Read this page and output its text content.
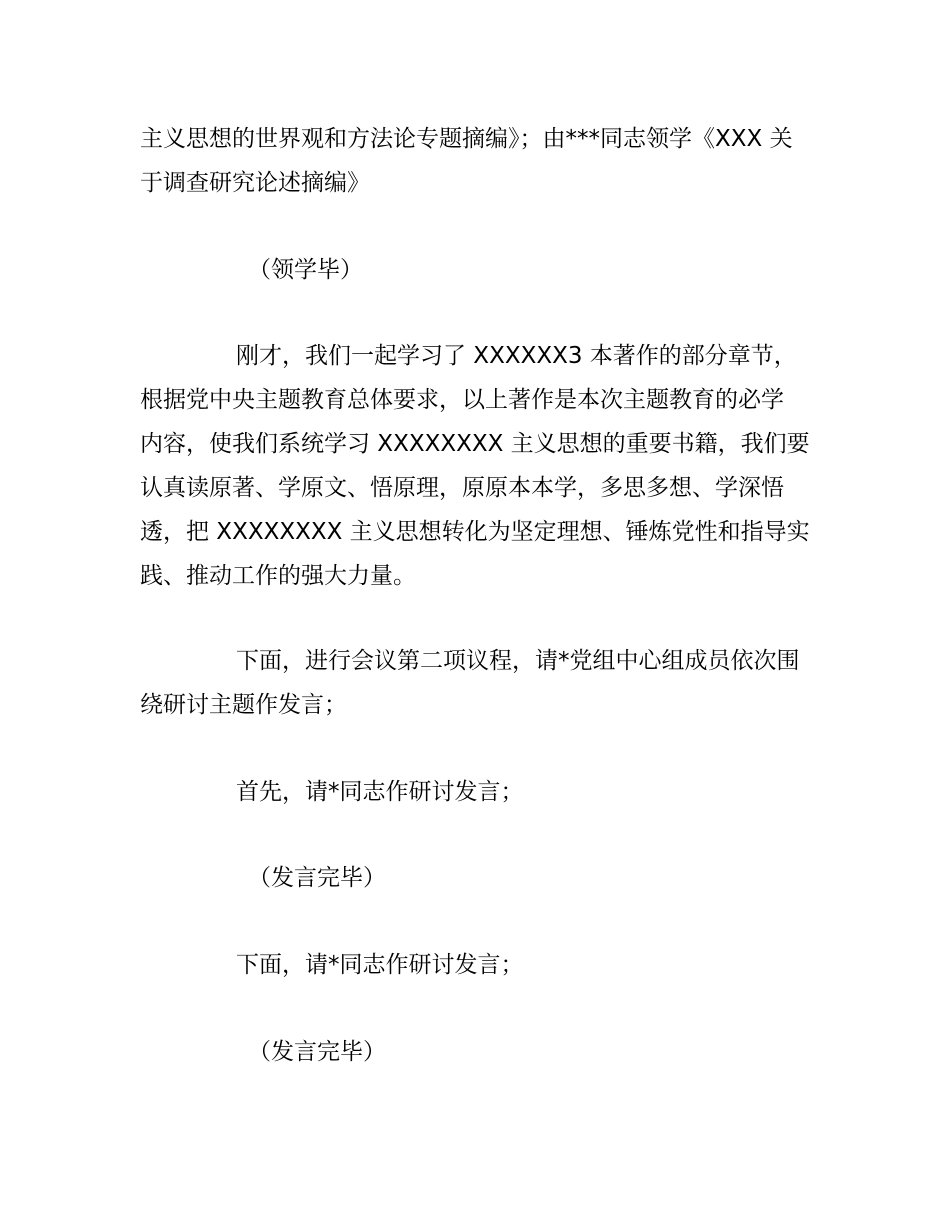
主义思想的世界观和方法论专题摘编》；由***同志领学《XXX 关
于调查研究论述摘编》
（领学毕）
刚才，我们一起学习了 XXXXXX3 本著作的部分章节，
根据党中央主题教育总体要求，以上著作是本次主题教育的必学
内容，使我们系统学习 XXXXXXXX 主义思想的重要书籍，我们要
认真读原著、学原文、悟原理，原原本本学，多思多想、学深悟
透，把 XXXXXXXX 主义思想转化为坚定理想、锤炼党性和指导实
践、推动工作的强大力量。
下面，进行会议第二项议程，请*党组中心组成员依次围
绕研讨主题作发言；
首先，请*同志作研讨发言；
（发言完毕）
下面，请*同志作研讨发言；
（发言完毕）
